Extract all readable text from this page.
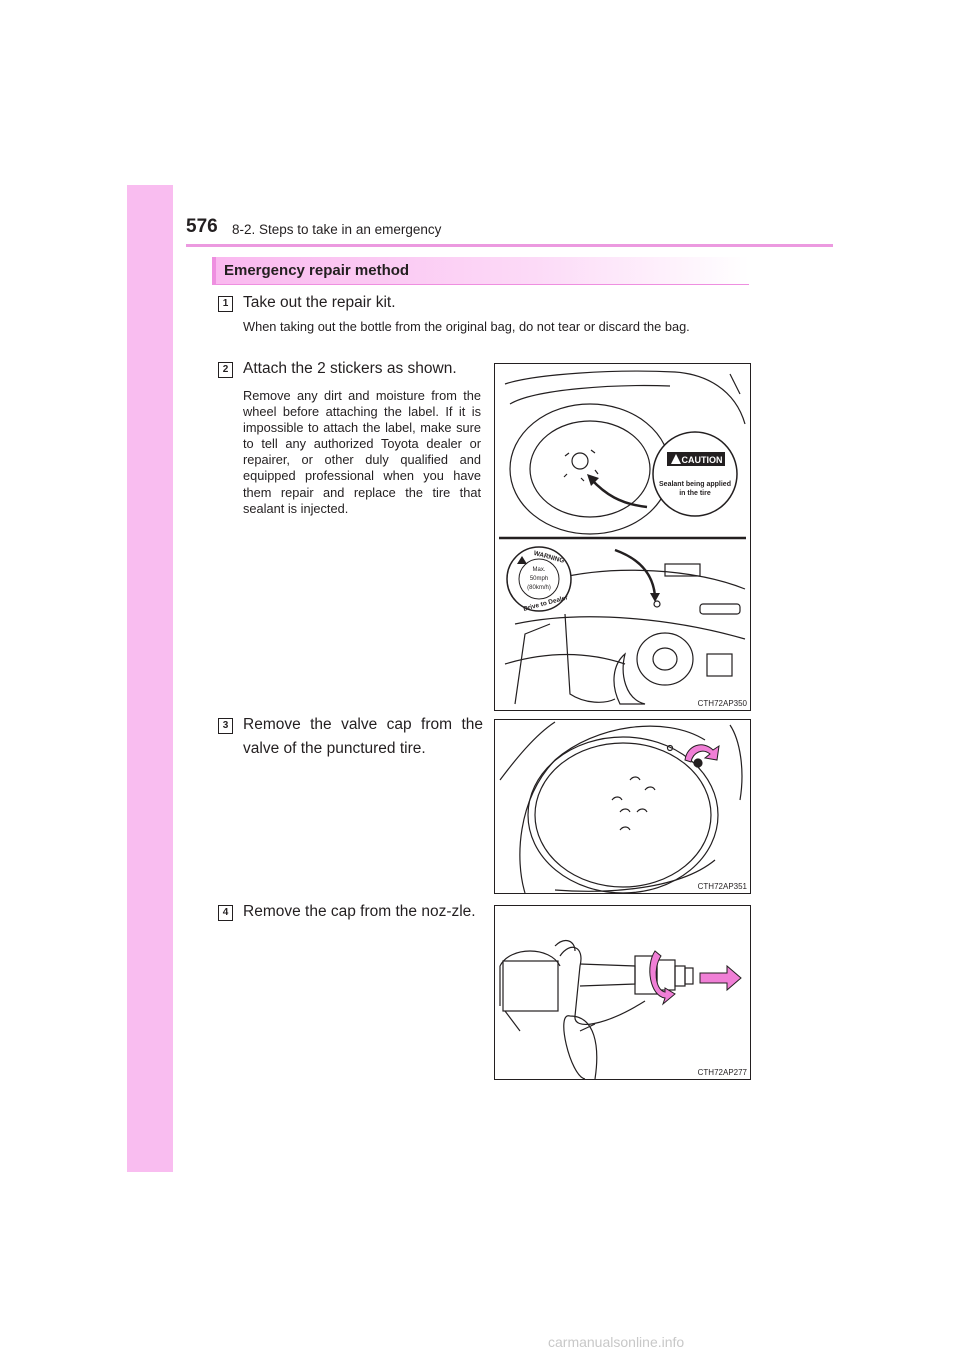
576 8-2. Steps to take in an emergency
Emergency repair method
1 Take out the repair kit.
When taking out the bottle from the original bag, do not tear or discard the bag.
2 Attach the 2 stickers as shown.
Remove any dirt and moisture from the wheel before attaching the label. If it is impossible to attach the label, make sure to tell any authorized Toyota dealer or repairer, or other duly qualified and equipped professional when you have them repair and replace the tire that sealant is injected.
CAUTION
Sealant being applied
in the tire
WARNING
Max.
50mph
(80km/h)
Drive to Dealer
CTH72AP350
3 Remove the valve cap from the valve of the punctured tire.
CTH72AP351
4 Remove the cap from the noz-zle.
CTH72AP277
carmanualsonline.info
